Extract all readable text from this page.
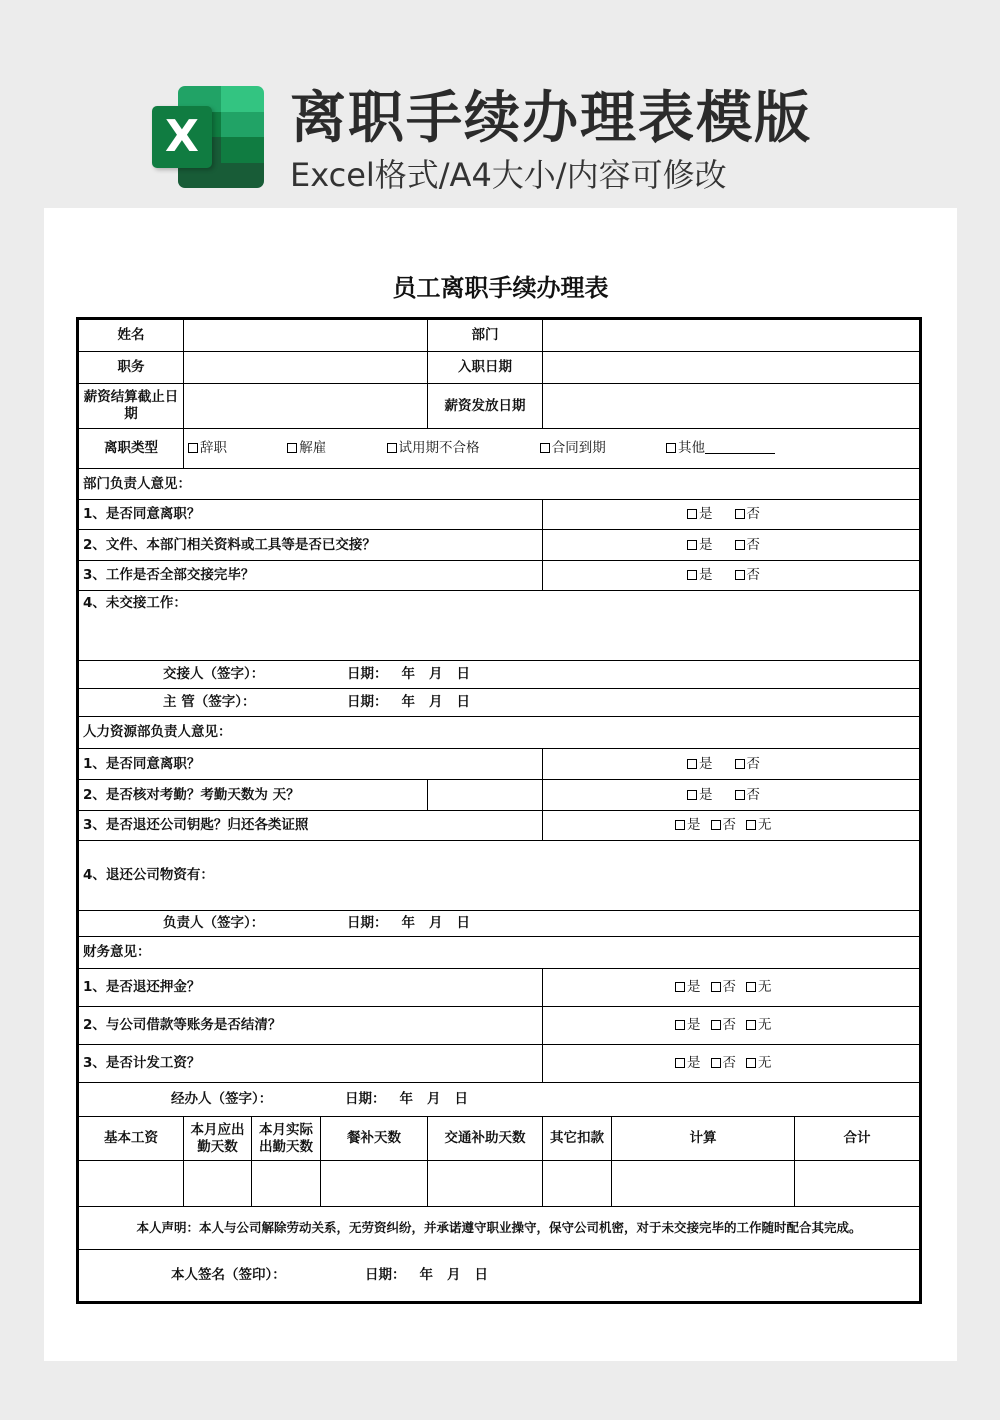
X 离职手续办理表模版
Excel格式/A4大小/内容可修改
员工离职手续办理表
姓名				部门			
职务				入职日期			
薪资结算截止日期				薪资发放日期			
离职类型	辞职 解雇 试用期不合格 合同到期 其他						

部门负责人意见：							
1、是否同意离职？					是 否		
2、文件、本部门相关资料或工具等是否已交接？					是 否		
3、工作是否全部交接完毕？					是 否		
4、未交接工作：							

交接人（签字）： 日期： 年 月 日							

主 管（签字）： 日期： 年 月 日							

人力资源部负责人意见：							
1、是否同意离职？					是 否		
2、是否核对考勤？考勤天数为 天？					是 否		
3、是否退还公司钥匙？归还各类证照					是 否 无		
4、退还公司物资有：							

负责人（签字）： 日期： 年 月 日							

财务意见：							
1、是否退还押金？					是 否 无		
2、与公司借款等账务是否结清？					是 否 无		
3、是否计发工资？					是 否 无		

经办人（签字）： 日期： 年 月 日							

基本工资	本月应出勤天数	本月实际出勤天数	餐补天数	交通补助天数	其它扣款	计算	合计

本人声明：本人与公司解除劳动关系，无劳资纠纷，并承诺遵守职业操守，保守公司机密，对于未交接完毕的工作随时配合其完成。							

本人签名（签印）： 日期： 年 月 日							
